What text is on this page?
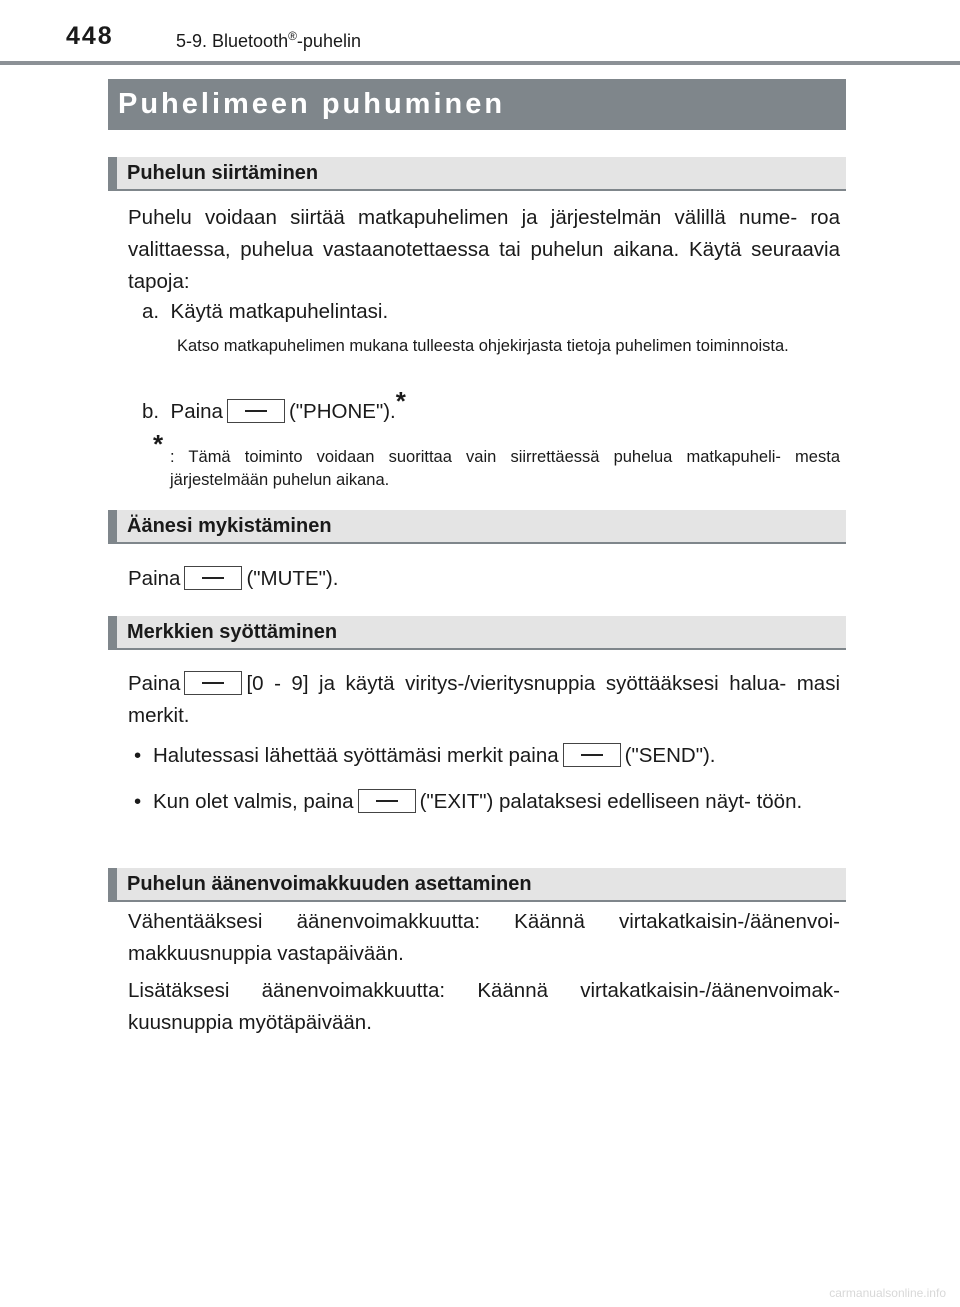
448	5-9. Bluetooth®-puhelin
Puhelimeen puhuminen
Puhelun siirtäminen
Puhelu voidaan siirtää matkapuhelimen ja järjestelmän välillä nume- roa valittaessa, puhelua vastaanotettaessa tai puhelun aikana. Käytä seuraavia tapoja:
a. Käytä matkapuhelintasi.
Katso matkapuhelimen mukana tulleesta ohjekirjasta tietoja puhelimen toiminnoista.
b. Paina	("PHONE").*
* : Tämä toiminto voidaan suorittaa vain siirrettäessä puhelua matkapuheli- mesta järjestelmään puhelun aikana.
Äänesi mykistäminen
Paina	("MUTE").
Merkkien syöttäminen
Paina	[0 - 9] ja käytä viritys-/vieritysnuppia syöttääksesi halua- masi merkit.
• Halutessasi lähettää syöttämäsi merkit paina	("SEND").
• Kun olet valmis, paina	("EXIT") palataksesi edelliseen näyt- töön.
Puhelun äänenvoimakkuuden asettaminen
Vähentääksesi äänenvoimakkuutta: Käännä virtakatkaisin-/äänenvoi- makkuusnuppia vastapäivään.
Lisätäksesi äänenvoimakkuutta: Käännä virtakatkaisin-/äänenvoimak- kuusnuppia myötäpäivään.
carmanualsonline.info
